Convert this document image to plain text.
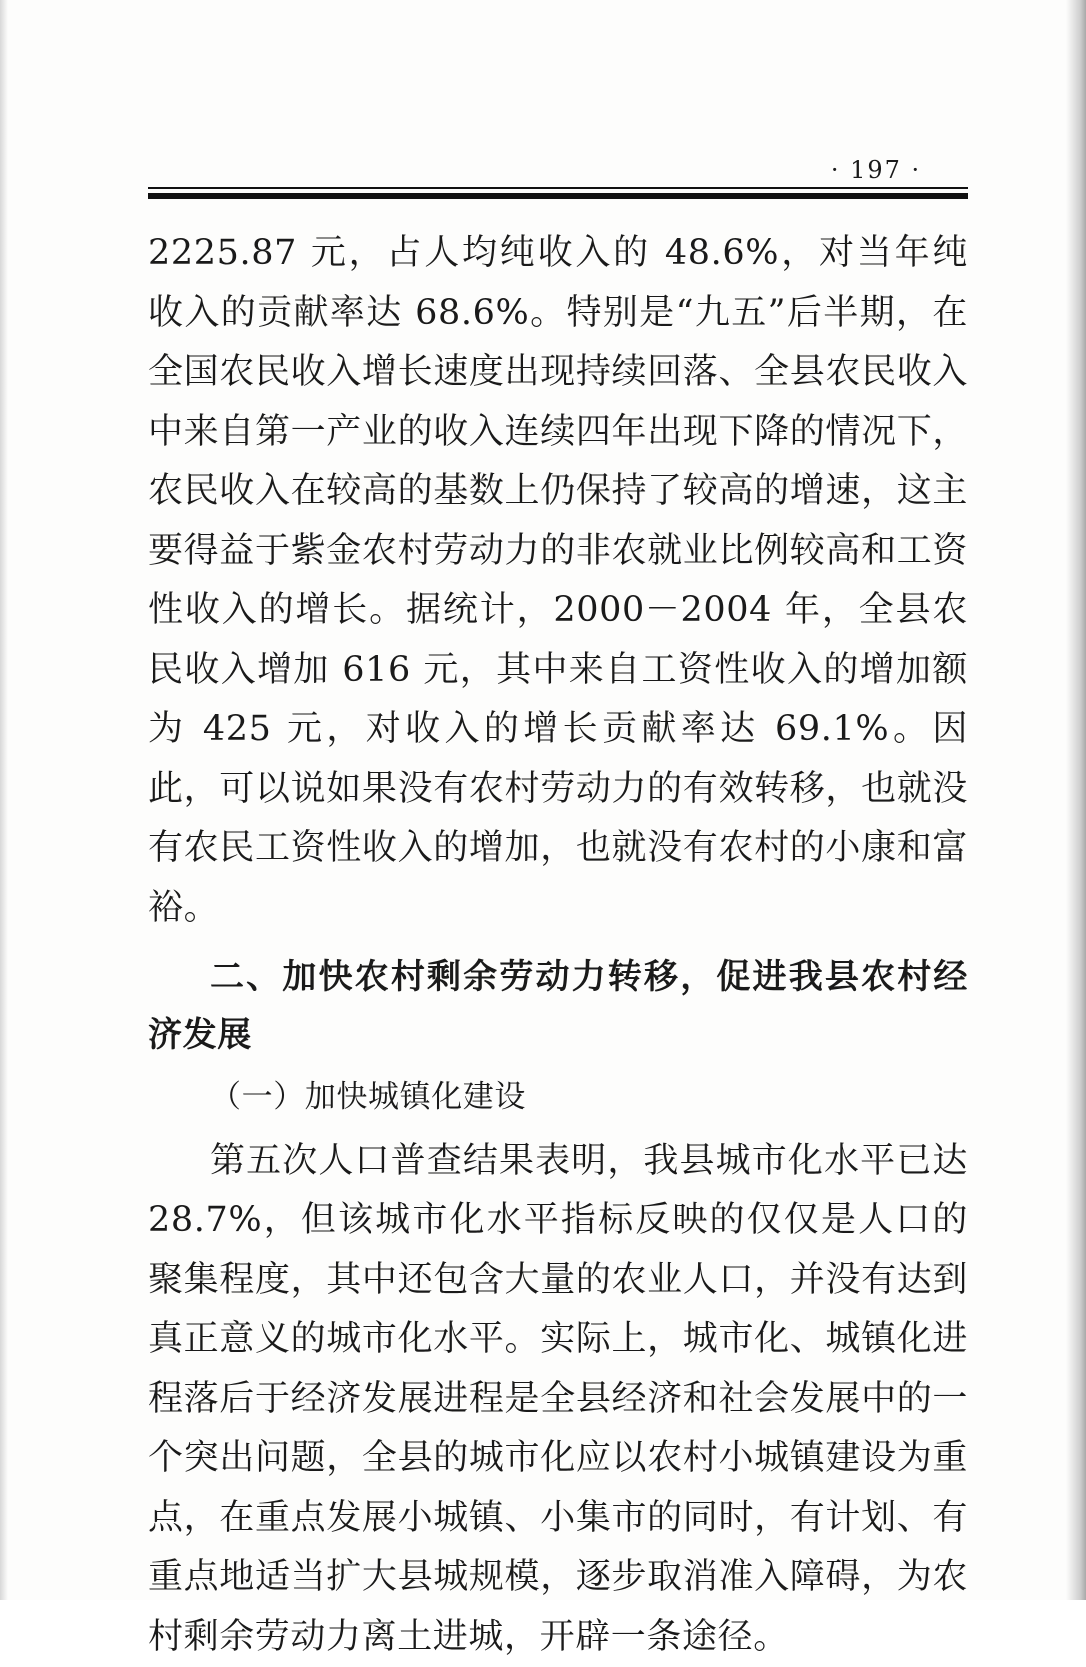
· 197 ·

2225.87 元，占人均纯收入的 48.6%，对当年纯收入的贡献率达 68.6%。特别是“九五”后半期，在全国农民收入增长速度出现持续回落、全县农民收入中来自第一产业的收入连续四年出现下降的情况下，农民收入在较高的基数上仍保持了较高的增速，这主要得益于紫金农村劳动力的非农就业比例较高和工资性收入的增长。据统计，2000－2004 年，全县农民收入增加 616 元，其中来自工资性收入的增加额为 425 元，对收入的增长贡献率达 69.1%。因此，可以说如果没有农村劳动力的有效转移，也就没有农民工资性收入的增加，也就没有农村的小康和富裕。

二、加快农村剩余劳动力转移，促进我县农村经济发展

（一）加快城镇化建设

第五次人口普查结果表明，我县城市化水平已达 28.7%，但该城市化水平指标反映的仅仅是人口的聚集程度，其中还包含大量的农业人口，并没有达到真正意义的城市化水平。实际上，城市化、城镇化进程落后于经济发展进程是全县经济和社会发展中的一个突出问题，全县的城市化应以农村小城镇建设为重点，在重点发展小城镇、小集市的同时，有计划、有重点地适当扩大县城规模，逐步取消准入障碍，为农村剩余劳动力离土进城，开辟一条途径。
